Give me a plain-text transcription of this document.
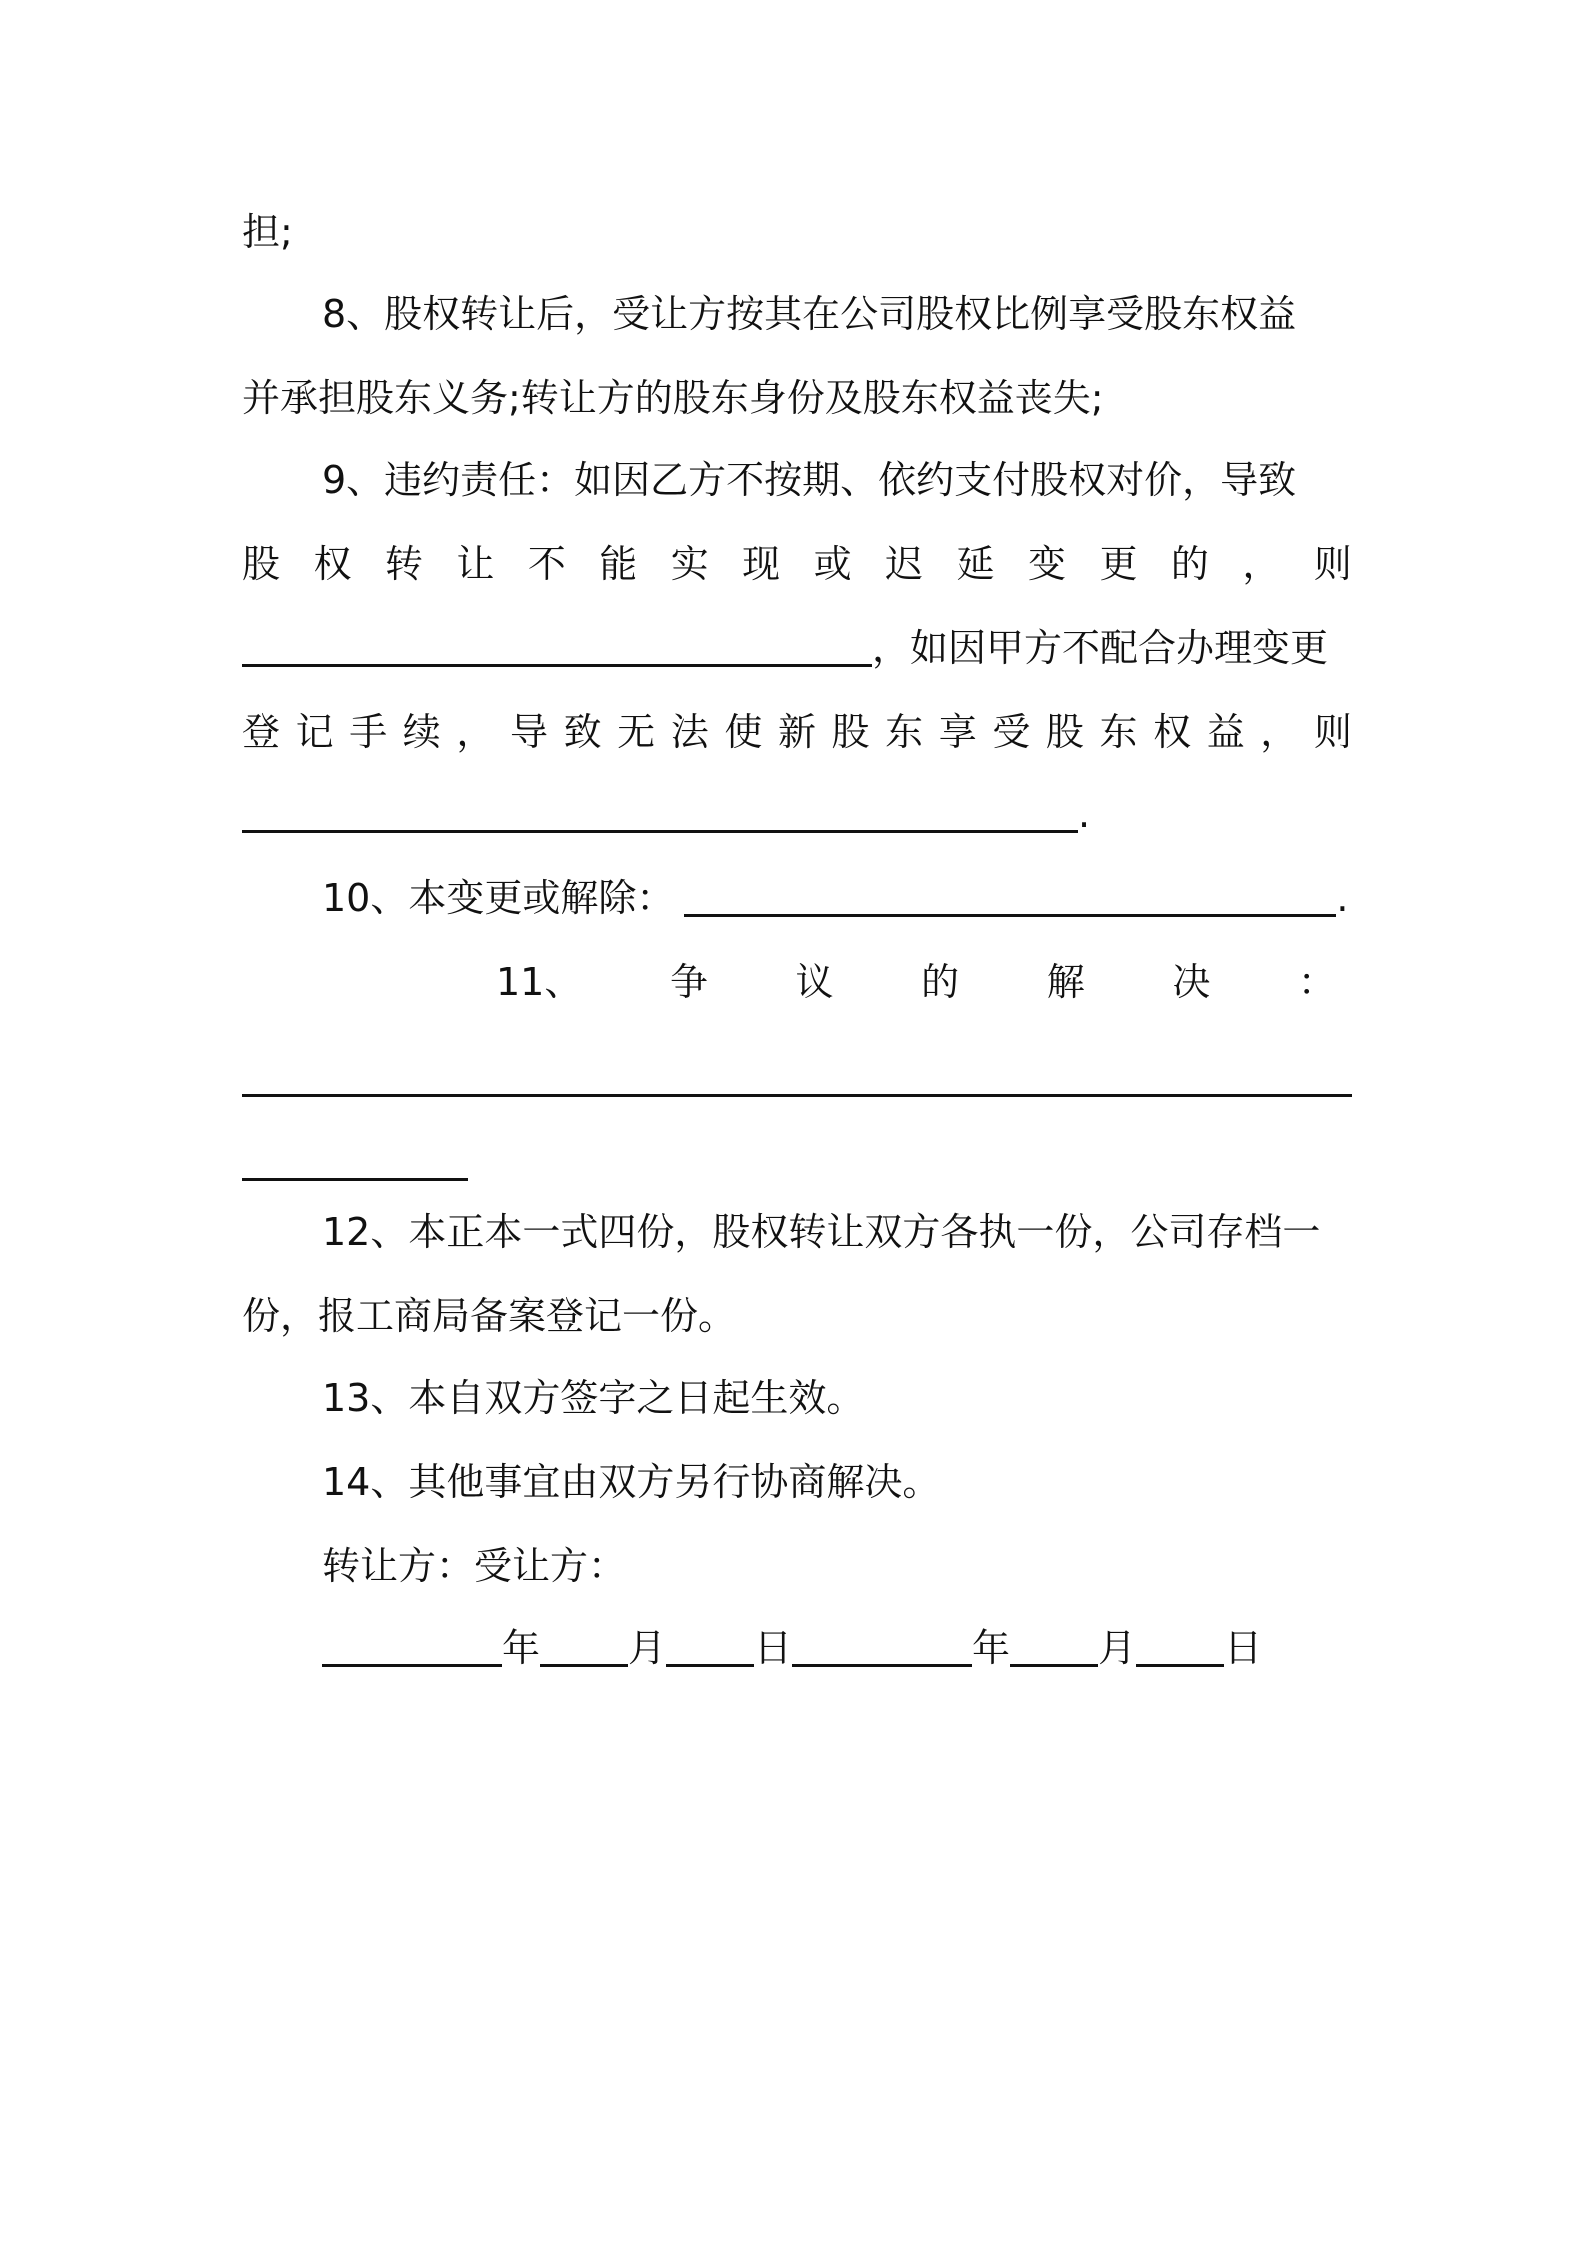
担;
8、股权转让后，受让方按其在公司股权比例享受股东权益
并承担股东义务;转让方的股东身份及股东权益丧失;
9、违约责任：如因乙方不按期、依约支付股权对价，导致
股 权 转 让 不 能 实 现 或 迟 延 变 更 的 ， 则
，如因甲方不配合办理变更
登 记 手 续 ， 导 致 无 法 使 新 股 东 享 受 股 东 权 益 ， 则
.
10、本变更或解除：	.
11、 争 议 的 解 决 ：
12、本正本一式四份，股权转让双方各执一份，公司存档一
份，报工商局备案登记一份。
13、本自双方签字之日起生效。
14、其他事宜由双方另行协商解决。
转让方：受让方：
年 月 日	年 月 日
